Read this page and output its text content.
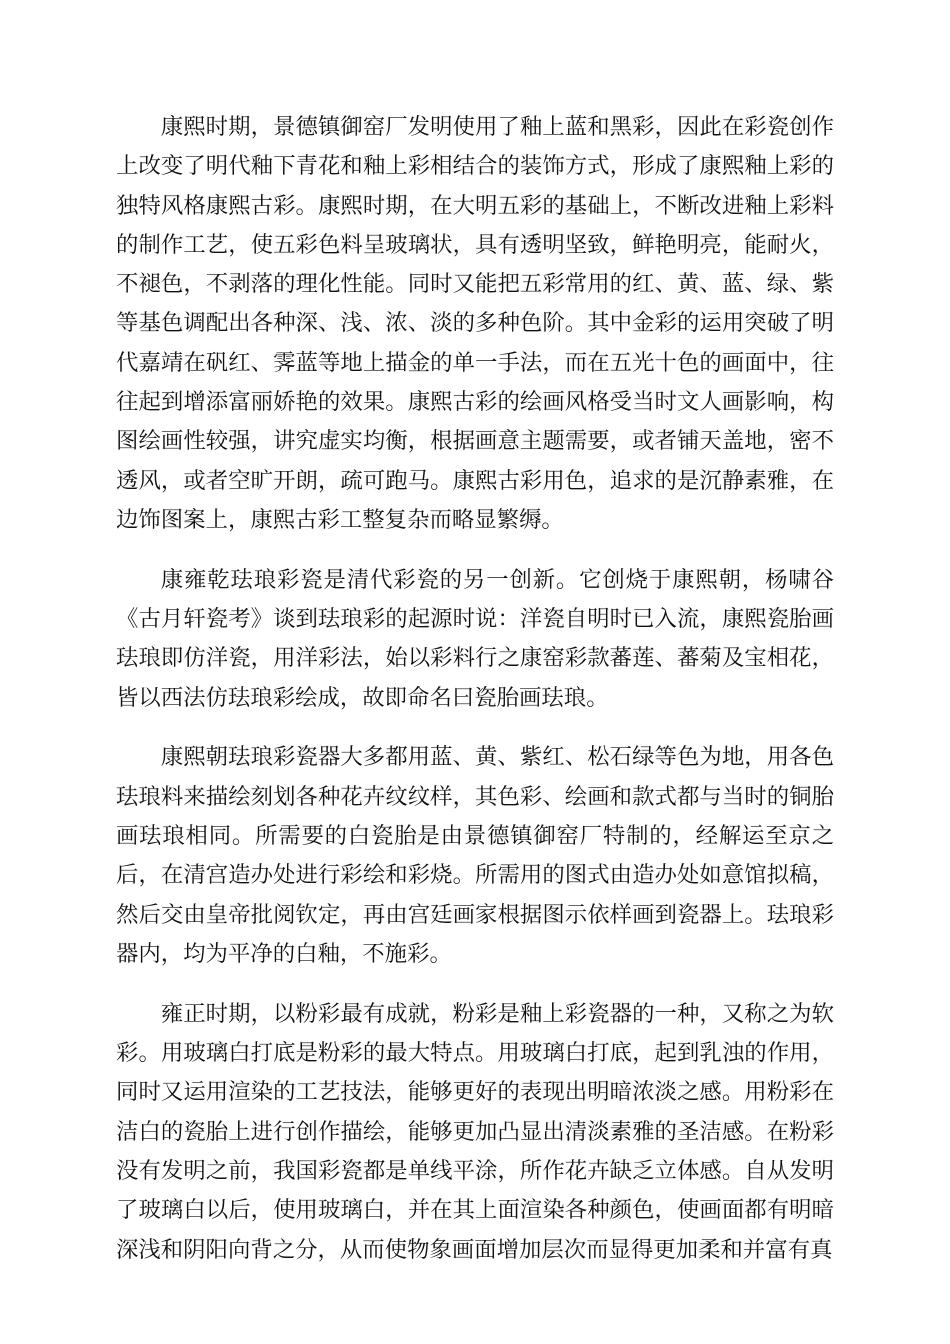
康熙时期，景德镇御窑厂发明使用了釉上蓝和黑彩，因此在彩瓷创作上改变了明代釉下青花和釉上彩相结合的装饰方式，形成了康熙釉上彩的独特风格康熙古彩。康熙时期，在大明五彩的基础上，不断改进釉上彩料的制作工艺，使五彩色料呈玻璃状，具有透明坚致，鲜艳明亮，能耐火，不褪色，不剥落的理化性能。同时又能把五彩常用的红、黄、蓝、绿、紫等基色调配出各种深、浅、浓、淡的多种色阶。其中金彩的运用突破了明代嘉靖在矾红、霁蓝等地上描金的单一手法，而在五光十色的画面中，往往起到增添富丽娇艳的效果。康熙古彩的绘画风格受当时文人画影响，构图绘画性较强，讲究虚实均衡，根据画意主题需要，或者铺天盖地，密不透风，或者空旷开朗，疏可跑马。康熙古彩用色，追求的是沉静素雅，在边饰图案上，康熙古彩工整复杂而略显繁缛。

康雍乾珐琅彩瓷是清代彩瓷的另一创新。它创烧于康熙朝，杨啸谷《古月轩瓷考》谈到珐琅彩的起源时说：洋瓷自明时已入流，康熙瓷胎画珐琅即仿洋瓷，用洋彩法，始以彩料行之康窑彩款蕃莲、蕃菊及宝相花，皆以西法仿珐琅彩绘成，故即命名曰瓷胎画珐琅。

康熙朝珐琅彩瓷器大多都用蓝、黄、紫红、松石绿等色为地，用各色珐琅料来描绘刻划各种花卉纹纹样，其色彩、绘画和款式都与当时的铜胎画珐琅相同。所需要的白瓷胎是由景德镇御窑厂特制的，经解运至京之后，在清宫造办处进行彩绘和彩烧。所需用的图式由造办处如意馆拟稿，然后交由皇帝批阅钦定，再由宫廷画家根据图示依样画到瓷器上。珐琅彩器内，均为平净的白釉，不施彩。

雍正时期，以粉彩最有成就，粉彩是釉上彩瓷器的一种，又称之为软彩。用玻璃白打底是粉彩的最大特点。用玻璃白打底，起到乳浊的作用，同时又运用渲染的工艺技法，能够更好的表现出明暗浓淡之感。用粉彩在洁白的瓷胎上进行创作描绘，能够更加凸显出清淡素雅的圣洁感。在粉彩没有发明之前，我国彩瓷都是单线平涂，所作花卉缺乏立体感。自从发明了玻璃白以后，使用玻璃白，并在其上面渲染各种颜色，使画面都有明暗深浅和阴阳向背之分，从而使物象画面增加层次而显得更加柔和并富有真
